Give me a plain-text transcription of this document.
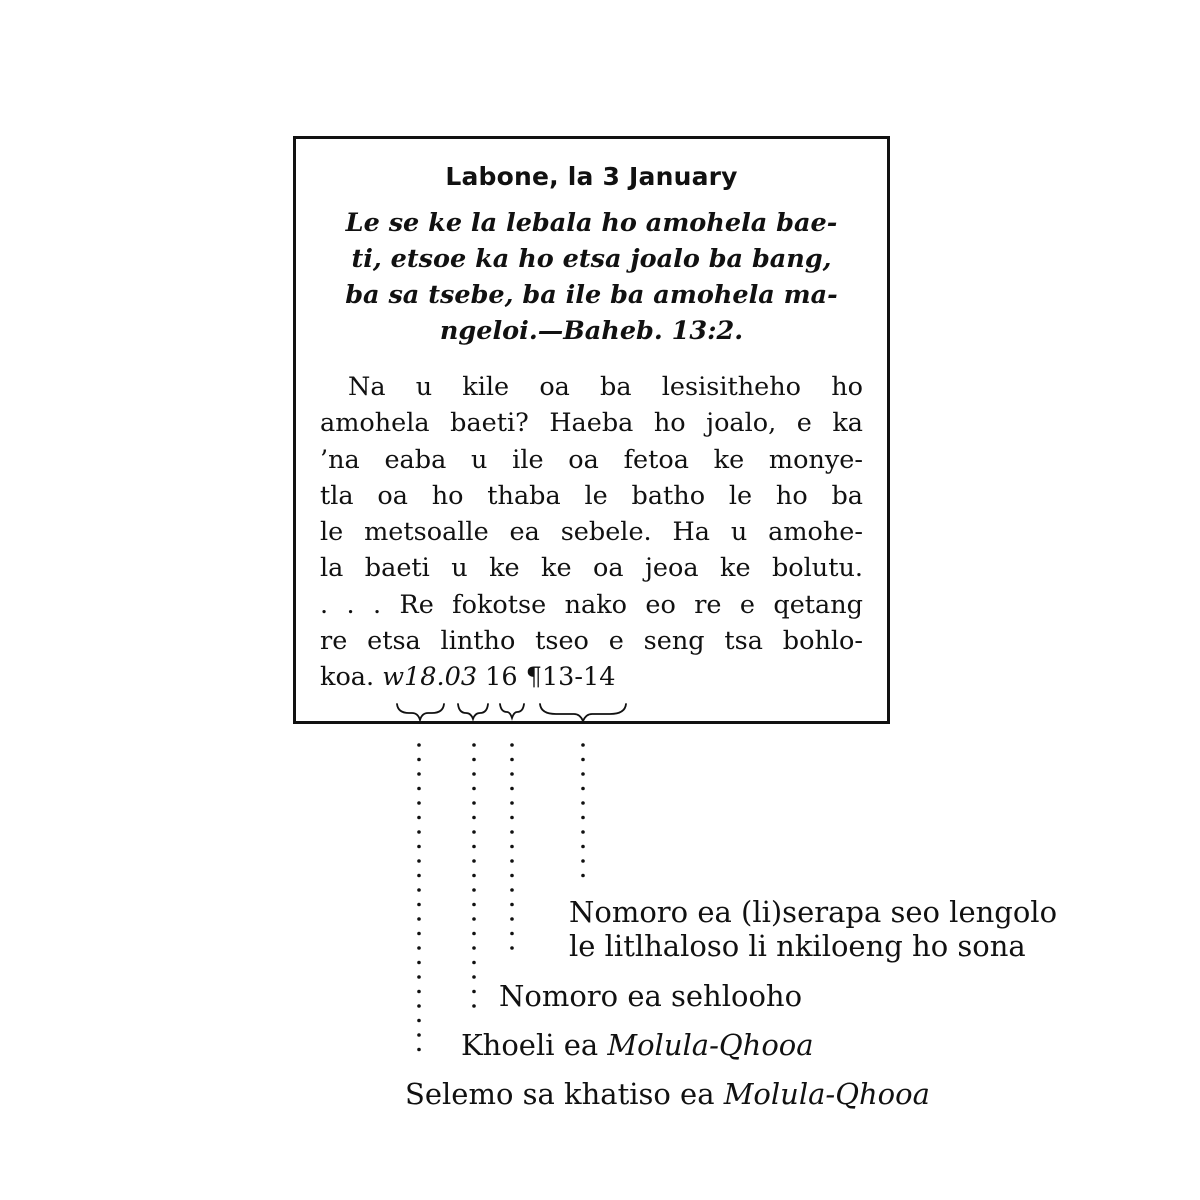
Labone, la 3 January
Le se ke la lebala ho amohela bae-
ti, etsoe ka ho etsa joalo ba bang,
ba sa tsebe, ba ile ba amohela ma-
ngeloi.—Baheb. 13:2.
Na u kile oa ba lesisitheho ho
amohela baeti? Haeba ho joalo, e ka
’na eaba u ile oa fetoa ke monye-
tla oa ho thaba le batho le ho ba
le metsoalle ea sebele. Ha u amohe-
la baeti u ke ke oa jeoa ke bolutu.
. . . Re fokotse nako eo re e qetang
re etsa lintho tseo e seng tsa bohlo-
koa. w18.03 16 ¶13-14
Nomoro ea (li)serapa seo lengolo
le litlhaloso li nkiloeng ho sona
Nomoro ea sehlooho
Khoeli ea Molula-Qhooa
Selemo sa khatiso ea Molula-Qhooa
